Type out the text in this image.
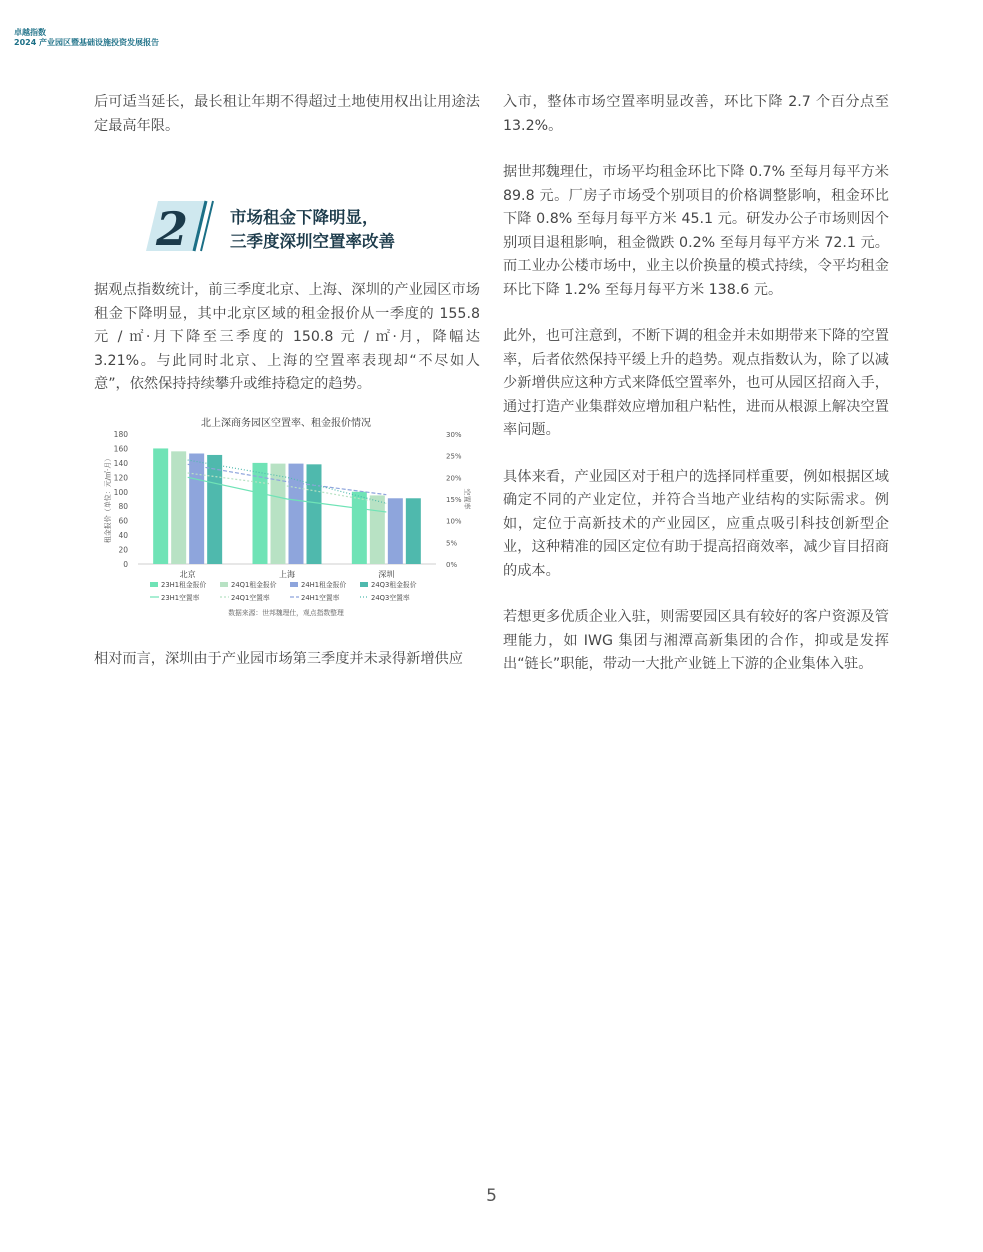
卓越指数
2024 产业园区暨基础设施投资发展报告

后可适当延长，最长租让年期不得超过土地使用权出让用途法定最高年限。

2	市场租金下降明显，
三季度深圳空置率改善

据观点指数统计，前三季度北京、上海、深圳的产业园区市场租金下降明显，其中北京区域的租金报价从一季度的 155.8 元 / ㎡·月下降至三季度的 150.8 元 / ㎡·月，降幅达 3.21%。与此同时北京、上海的空置率表现却“不尽如人意”，依然保持持续攀升或维持稳定的趋势。

北上深商务园区空置率、租金报价情况
0
20
40
60
80
100
120
140
160
180
0%
5%
10%
15%
20%
25%
30%
租金报价（单位：元/㎡·月）	空置率
北京	上海	深圳
23H1租金报价	24Q1租金报价	24H1租金报价	24Q3租金报价
23H1空置率	24Q1空置率	24H1空置率	24Q3空置率
数据来源：世邦魏理仕，观点指数整理

相对而言，深圳由于产业园市场第三季度并未录得新增供应

入市，整体市场空置率明显改善，环比下降 2.7 个百分点至 13.2%。

据世邦魏理仕，市场平均租金环比下降 0.7% 至每月每平方米 89.8 元。厂房子市场受个别项目的价格调整影响，租金环比下降 0.8% 至每月每平方米 45.1 元。研发办公子市场则因个别项目退租影响，租金微跌 0.2% 至每月每平方米 72.1 元。而工业办公楼市场中，业主以价换量的模式持续，令平均租金环比下降 1.2% 至每月每平方米 138.6 元。

此外，也可注意到，不断下调的租金并未如期带来下降的空置率，后者依然保持平缓上升的趋势。观点指数认为，除了以减少新增供应这种方式来降低空置率外，也可从园区招商入手，通过打造产业集群效应增加租户粘性，进而从根源上解决空置率问题。

具体来看，产业园区对于租户的选择同样重要，例如根据区域确定不同的产业定位，并符合当地产业结构的实际需求。例如，定位于高新技术的产业园区，应重点吸引科技创新型企业，这种精准的园区定位有助于提高招商效率，减少盲目招商的成本。

若想更多优质企业入驻，则需要园区具有较好的客户资源及管理能力，如 IWG 集团与湘潭高新集团的合作，抑或是发挥出“链长”职能，带动一大批产业链上下游的企业集体入驻。

5
